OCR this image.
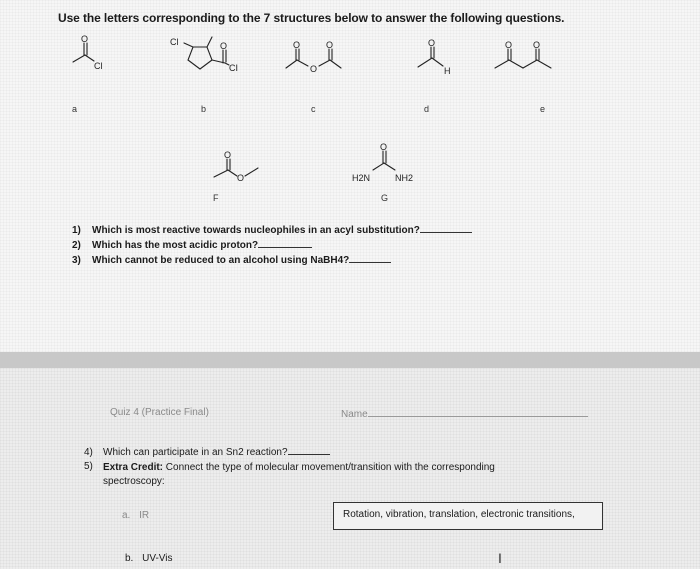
Use the letters corresponding to the 7 structures below to answer the following questions.
O
Cl
Cl
CI
O	O	O
O
O
H
O O
O
O
O
H2N	NH2
a	b	c	d	e
F	G
1) Which is most reactive towards nucleophiles in an acyl substitution?
2) Which has the most acidic proton?
3) Which cannot be reduced to an alcohol using NaBH4?
Quiz 4 (Practice Final)	Name
4) Which can participate in an Sn2 reaction?
5)	Extra Credit: Connect the type of molecular movement/transition with the corresponding spectroscopy:
a. IR
b. UV-Vis
Rotation, vibration, translation, electronic transitions,
I
